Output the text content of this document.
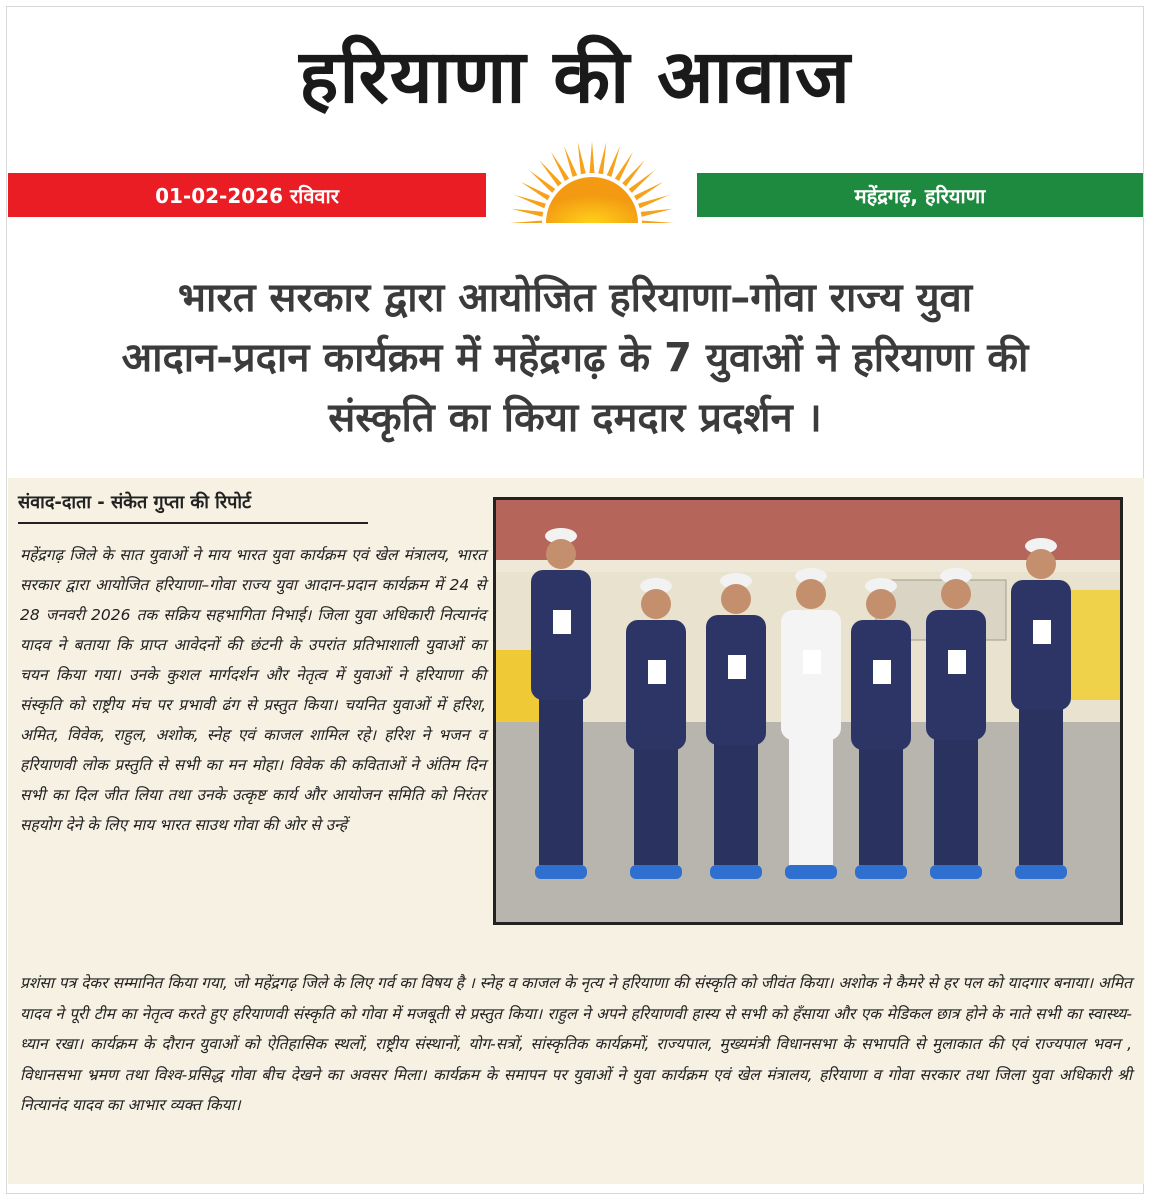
हरियाणा की आवाज
01-02-2026 रविवार	महेंद्रगढ़, हरियाणा
भारत सरकार द्वारा आयोजित हरियाणा–गोवा राज्य युवा
आदान-प्रदान कार्यक्रम में महेंद्रगढ़ के 7 युवाओं ने हरियाणा की
संस्कृति का किया दमदार प्रदर्शन ।
संवाद-दाता - संकेत गुप्ता की रिपोर्ट
महेंद्रगढ़ जिले के सात युवाओं ने माय भारत युवा कार्यक्रम एवं खेल मंत्रालय, भारत सरकार द्वारा आयोजित हरियाणा–गोवा राज्य युवा आदान-प्रदान कार्यक्रम में 24 से 28 जनवरी 2026 तक सक्रिय सहभागिता निभाई। जिला युवा अधिकारी नित्यानंद यादव ने बताया कि प्राप्त आवेदनों की छंटनी के उपरांत प्रतिभाशाली युवाओं का चयन किया गया। उनके कुशल मार्गदर्शन और नेतृत्व में युवाओं ने हरियाणा की संस्कृति को राष्ट्रीय मंच पर प्रभावी ढंग से प्रस्तुत किया। चयनित युवाओं में हरिश, अमित, विवेक, राहुल, अशोक, स्नेह एवं काजल शामिल रहे। हरिश ने भजन व हरियाणवी लोक प्रस्तुति से सभी का मन मोहा। विवेक की कविताओं ने अंतिम दिन सभी का दिल जीत लिया तथा उनके उत्कृष्ट कार्य और आयोजन समिति को निरंतर सहयोग देने के लिए माय भारत साउथ गोवा की ओर से उन्हें
प्रशंसा पत्र देकर सम्मानित किया गया, जो महेंद्रगढ़ जिले के लिए गर्व का विषय है । स्नेह व काजल के नृत्य ने हरियाणा की संस्कृति को जीवंत किया। अशोक ने कैमरे से हर पल को यादगार बनाया। अमित यादव ने पूरी टीम का नेतृत्व करते हुए हरियाणवी संस्कृति को गोवा में मजबूती से प्रस्तुत किया। राहुल ने अपने हरियाणवी हास्य से सभी को हँसाया और एक मेडिकल छात्र होने के नाते सभी का स्वास्थ्य-ध्यान रखा। कार्यक्रम के दौरान युवाओं को ऐतिहासिक स्थलों, राष्ट्रीय संस्थानों, योग-सत्रों, सांस्कृतिक कार्यक्रमों, राज्यपाल, मुख्यमंत्री विधानसभा के सभापति से मुलाकात की एवं राज्यपाल भवन , विधानसभा भ्रमण तथा विश्व-प्रसिद्ध गोवा बीच देखने का अवसर मिला। कार्यक्रम के समापन पर युवाओं ने युवा कार्यक्रम एवं खेल मंत्रालय, हरियाणा व गोवा सरकार तथा जिला युवा अधिकारी श्री नित्यानंद यादव का आभार व्यक्त किया।
